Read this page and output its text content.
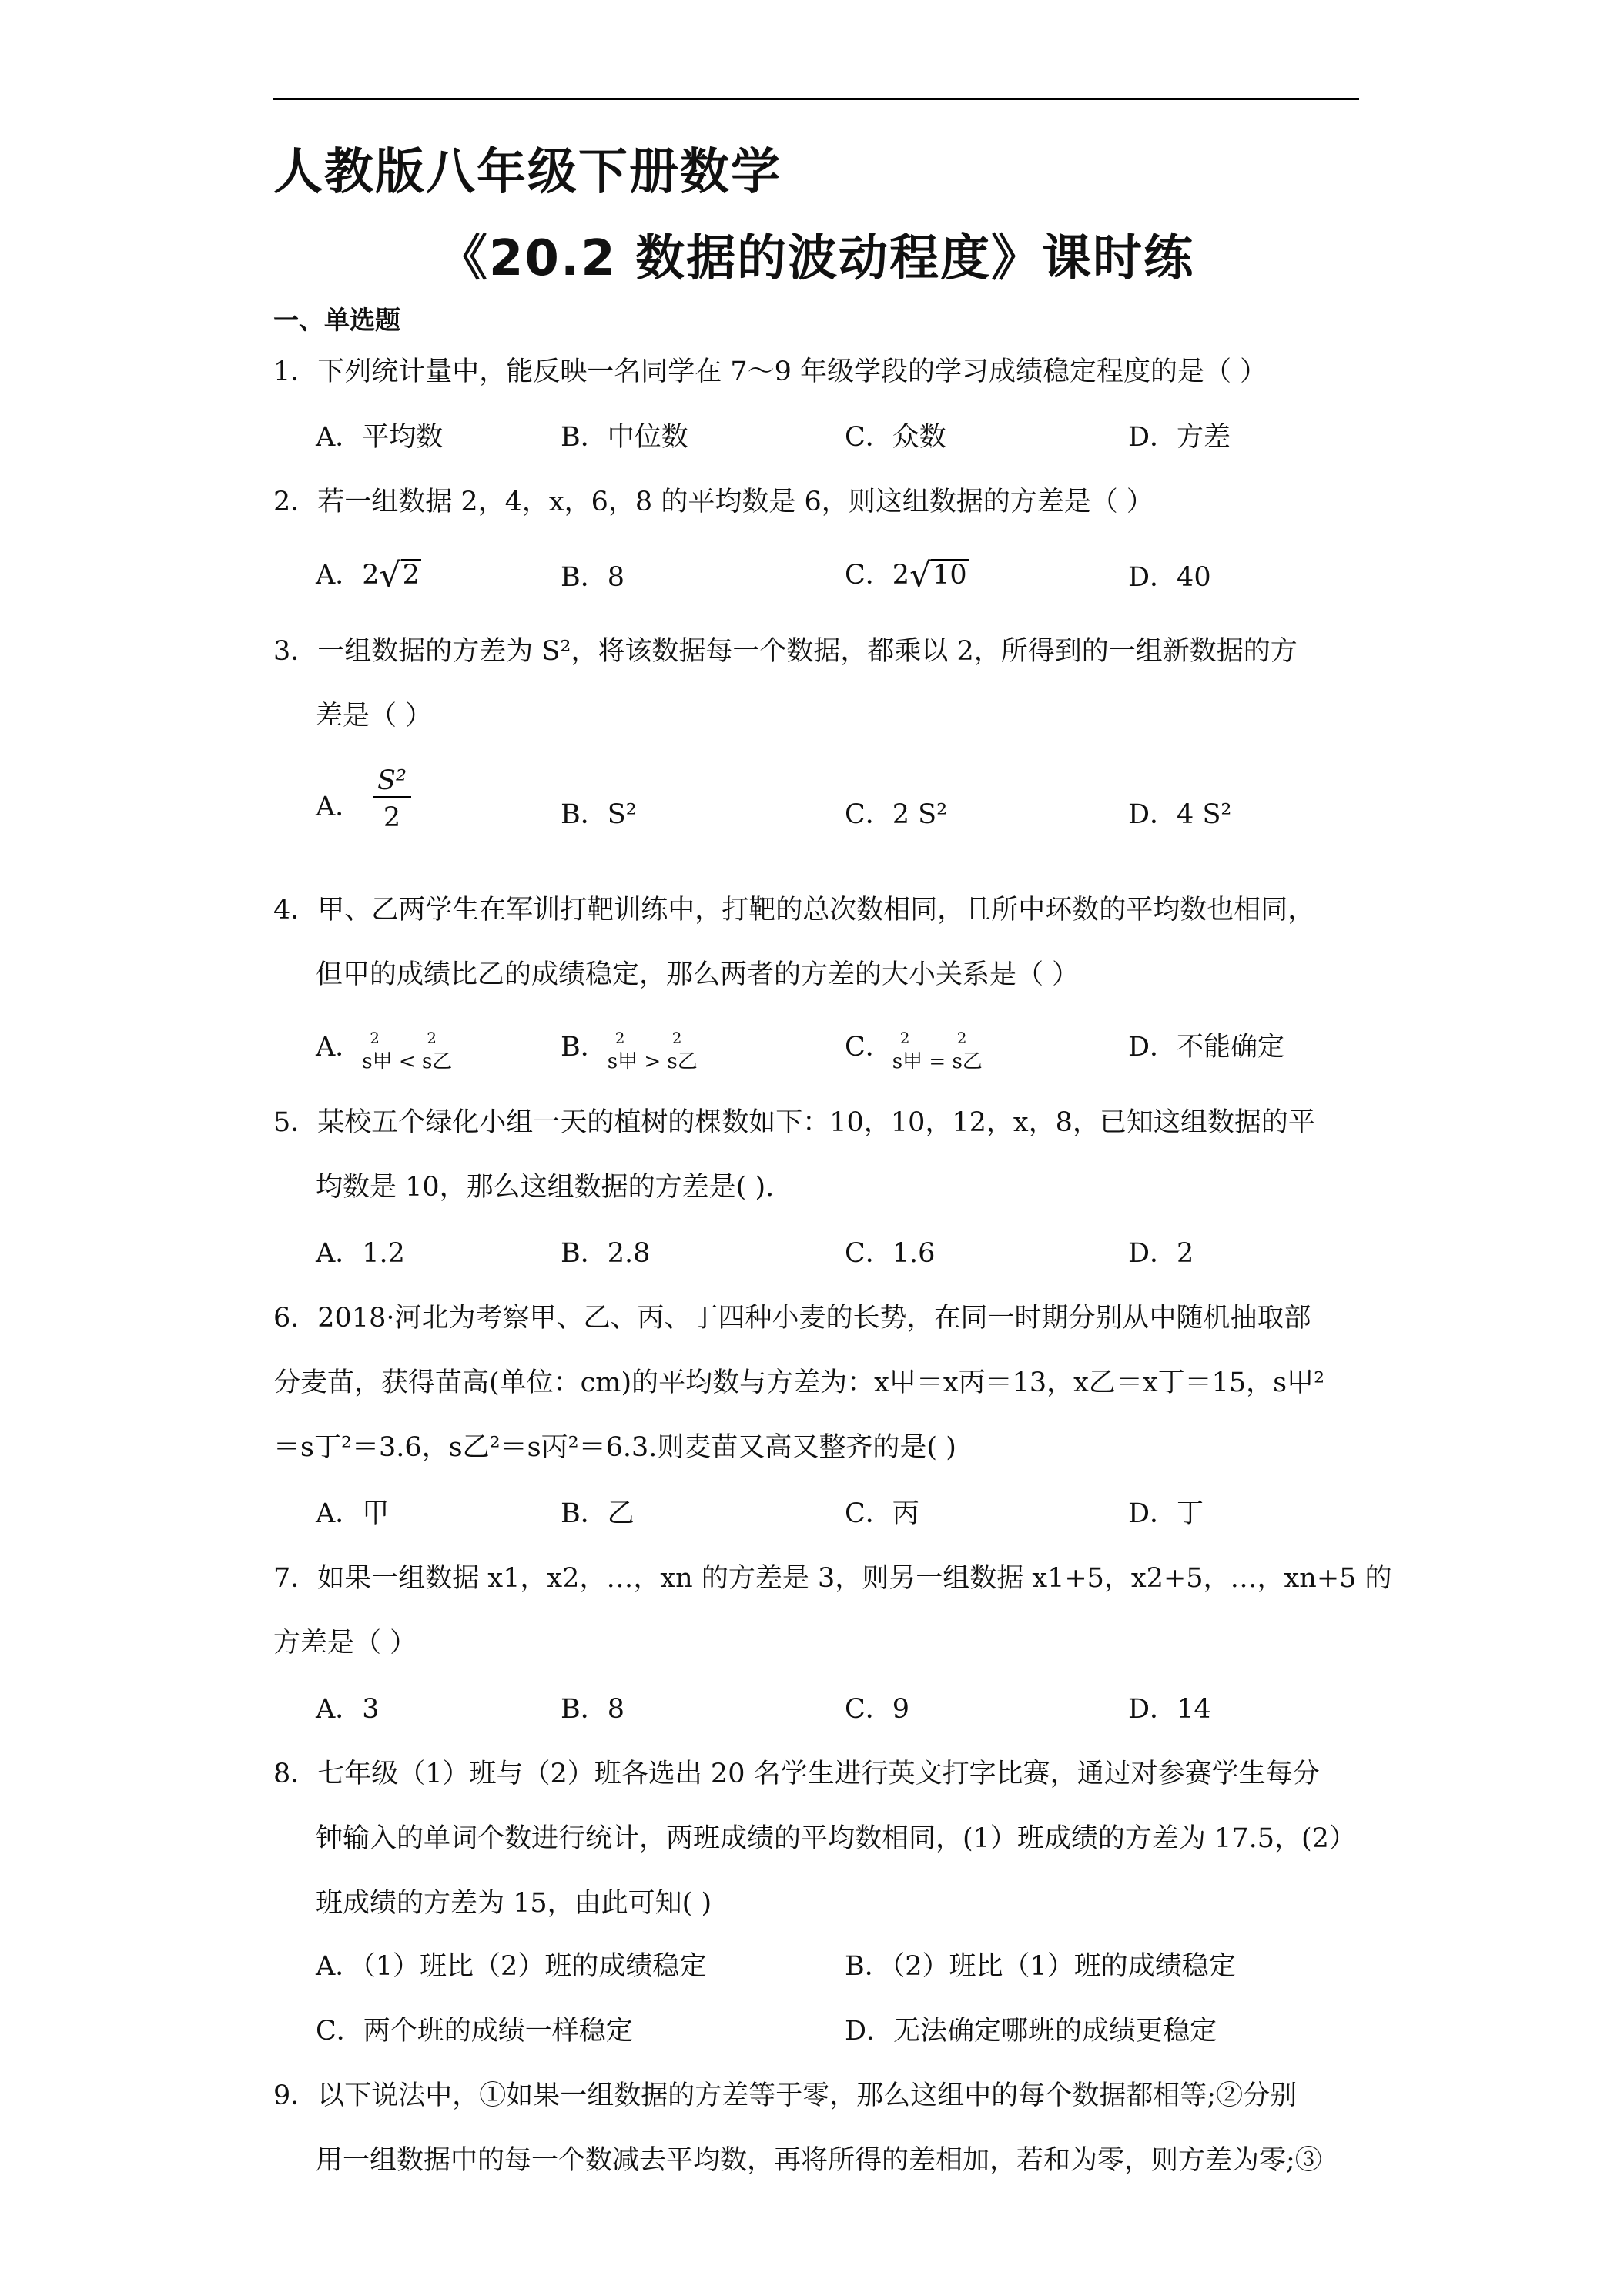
人教版八年级下册数学
《20.2 数据的波动程度》课时练
一、单选题
1．下列统计量中，能反映一名同学在 7～9 年级学段的学习成绩稳定程度的是（ ）
A．平均数	B．中位数	C．众数	D．方差
2．若一组数据 2，4，x，6，8 的平均数是 6，则这组数据的方差是（ ）
A．2√2	B．8	C．2√10	D．40
3．一组数据的方差为 S²，将该数据每一个数据，都乘以 2，所得到的一组新数据的方
差是（ ）
A． $\frac{\text{S²}}{2}$	B．S²	C．2 S²	D．4 S²
4．甲、乙两学生在军训打靶训练中，打靶的总次数相同，且所中环数的平均数也相同，
但甲的成绩比乙的成绩稳定，那么两者的方差的大小关系是（ ）
A． 2	2
s甲 < s乙	B． 2	2
s甲 > s乙	C． 2	2
s甲 = s乙	D．不能确定
5．某校五个绿化小组一天的植树的棵数如下：10，10，12，x，8，已知这组数据的平
均数是 10，那么这组数据的方差是( ).
A．1.2	B．2.8	C．1.6	D．2
6．2018·河北为考察甲、乙、丙、丁四种小麦的长势，在同一时期分别从中随机抽取部
分麦苗，获得苗高(单位：cm)的平均数与方差为：x甲＝x丙＝13，x乙＝x丁＝15，s甲²
＝s丁²＝3.6，s乙²＝s丙²＝6.3.则麦苗又高又整齐的是( )
A．甲	B．乙	C．丙	D．丁
7．如果一组数据 x1，x2，…，xn 的方差是 3，则另一组数据 x1+5，x2+5，…，xn+5 的
方差是（ ）
A．3	B．8	C．9	D．14
8．七年级（1）班与（2）班各选出 20 名学生进行英文打字比赛，通过对参赛学生每分
钟输入的单词个数进行统计，两班成绩的平均数相同，(1）班成绩的方差为 17.5，(2）
班成绩的方差为 15，由此可知( )
A．（1）班比（2）班的成绩稳定	B．（2）班比（1）班的成绩稳定
C．两个班的成绩一样稳定	D．无法确定哪班的成绩更稳定
9．以下说法中，①如果一组数据的方差等于零，那么这组中的每个数据都相等;②分别
用一组数据中的每一个数减去平均数，再将所得的差相加，若和为零，则方差为零;③
